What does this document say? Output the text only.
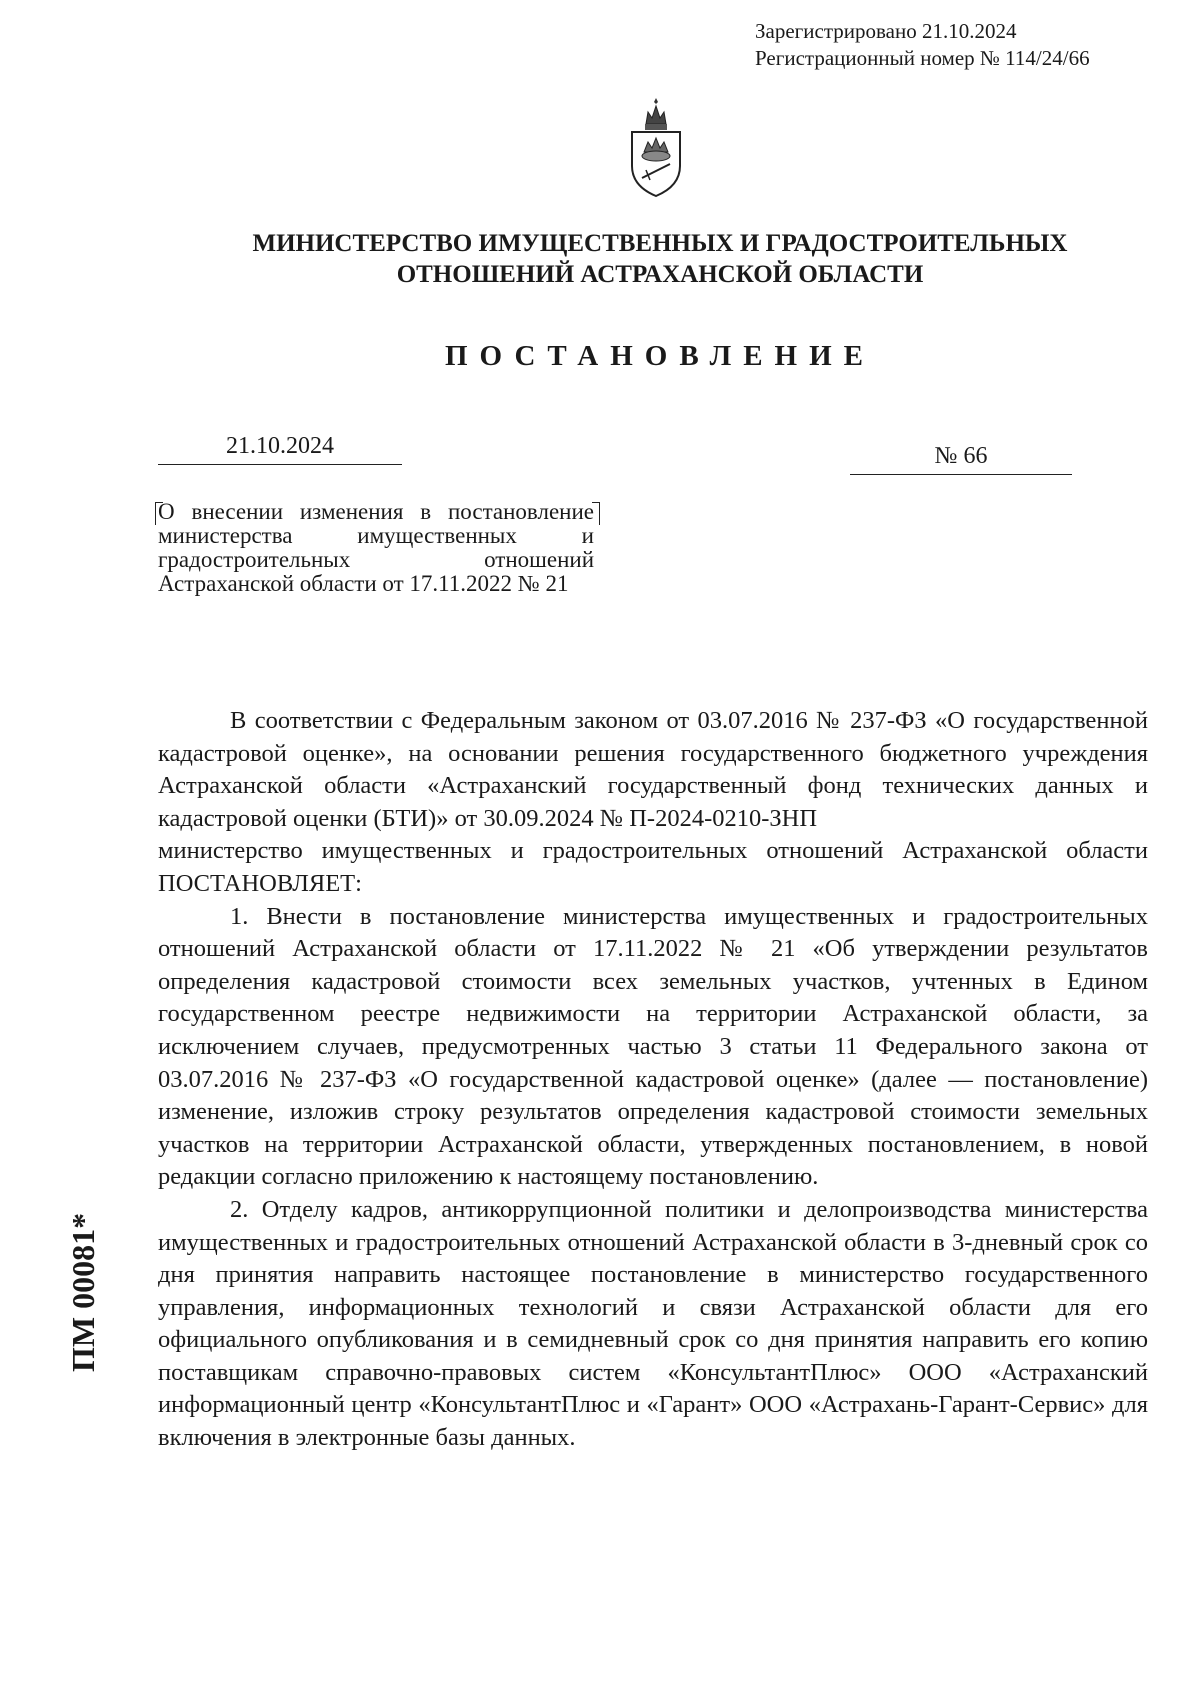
Зарегистрировано 21.10.2024
Регистрационный номер № 114/24/66
МИНИСТЕРСТВО ИМУЩЕСТВЕННЫХ И ГРАДОСТРОИТЕЛЬНЫХ
ОТНОШЕНИЙ АСТРАХАНСКОЙ ОБЛАСТИ
ПОСТАНОВЛЕНИЕ
21.10.2024	№ 66
О внесении изменения в постановление министерства имущественных и градостроительных отношений Астраханской области от 17.11.2022 № 21

В соответствии с Федеральным законом от 03.07.2016 № 237-ФЗ «О государственной кадастровой оценке», на основании решения государственного бюджетного учреждения Астраханской области «Астраханский государственный фонд технических данных и кадастровой оценки (БТИ)» от 30.09.2024 № П-2024-0210-ЗНП

министерство имущественных и градостроительных отношений Астраханской области ПОСТАНОВЛЯЕТ:

1. Внести в постановление министерства имущественных и градостроительных отношений Астраханской области от 17.11.2022 № 21 «Об утверждении результатов определения кадастровой стоимости всех земельных участков, учтенных в Едином государственном реестре недвижимости на территории Астраханской области, за исключением случаев, предусмотренных частью 3 статьи 11 Федерального закона от 03.07.2016 № 237-ФЗ «О государственной кадастровой оценке» (далее — постановление) изменение, изложив строку результатов определения кадастровой стоимости земельных участков на территории Астраханской области, утвержденных постановлением, в новой редакции согласно приложению к настоящему постановлению.

2. Отделу кадров, антикоррупционной политики и делопроизводства министерства имущественных и градостроительных отношений Астраханской области в 3-дневный срок со дня принятия направить настоящее постановление в министерство государственного управления, информационных технологий и связи Астраханской области для его официального опубликования и в семидневный срок со дня принятия направить его копию поставщикам справочно-правовых систем «КонсультантПлюс» ООО «Астраханский информационный центр «КонсультантПлюс и «Гарант» ООО «Астрахань-Гарант-Сервис» для включения в электронные базы данных.

ПМ 00081*
